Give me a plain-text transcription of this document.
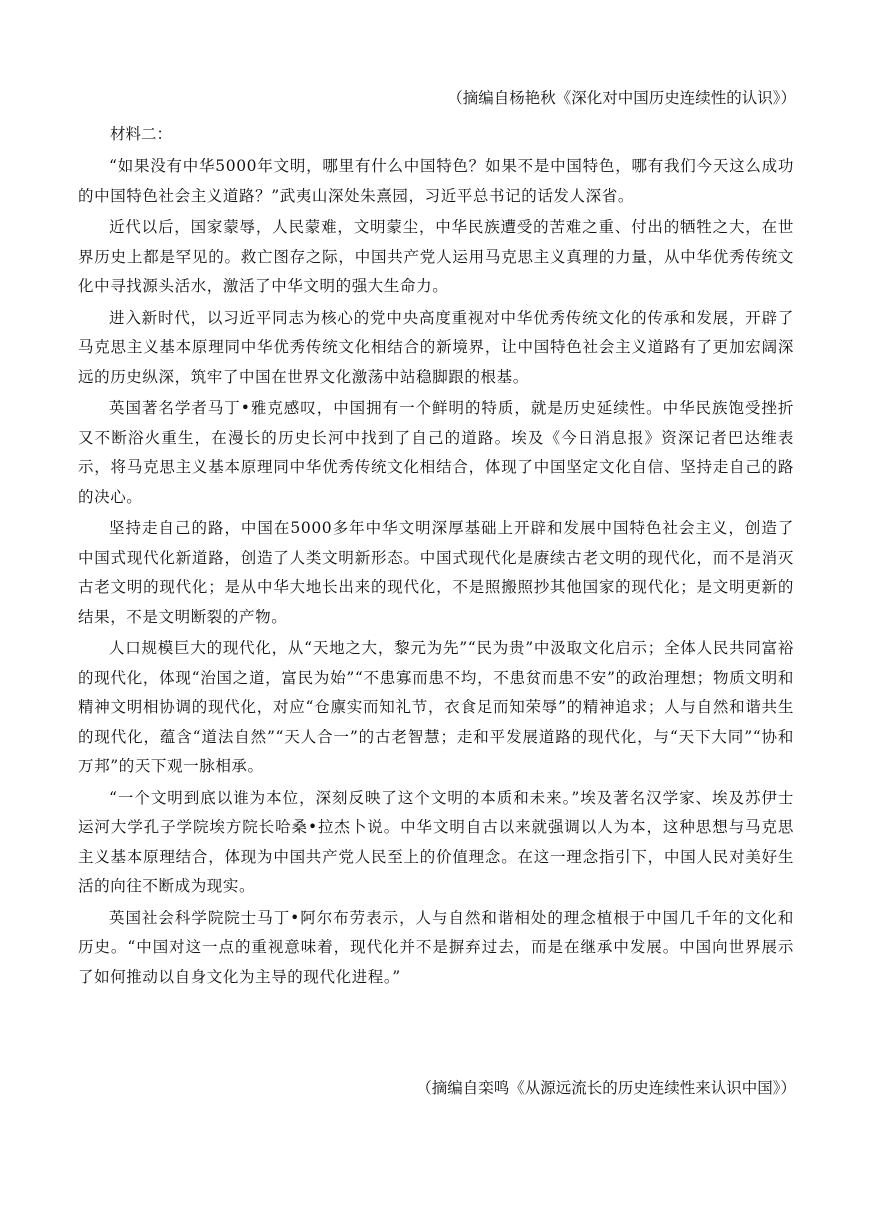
（摘编自杨艳秋《深化对中国历史连续性的认识》）
材料二：

“如果没有中华5000年文明，哪里有什么中国特色？如果不是中国特色，哪有我们今天这么成功的中国特色社会主义道路？”武夷山深处朱熹园，习近平总书记的话发人深省。

近代以后，国家蒙辱，人民蒙难，文明蒙尘，中华民族遭受的苦难之重、付出的牺牲之大，在世界历史上都是罕见的。救亡图存之际，中国共产党人运用马克思主义真理的力量，从中华优秀传统文化中寻找源头活水，激活了中华文明的强大生命力。

进入新时代，以习近平同志为核心的党中央高度重视对中华优秀传统文化的传承和发展，开辟了马克思主义基本原理同中华优秀传统文化相结合的新境界，让中国特色社会主义道路有了更加宏阔深远的历史纵深，筑牢了中国在世界文化激荡中站稳脚跟的根基。

英国著名学者马丁•雅克感叹，中国拥有一个鲜明的特质，就是历史延续性。中华民族饱受挫折又不断浴火重生，在漫长的历史长河中找到了自己的道路。埃及《今日消息报》资深记者巴达维表示，将马克思主义基本原理同中华优秀传统文化相结合，体现了中国坚定文化自信、坚持走自己的路的决心。

坚持走自己的路，中国在5000多年中华文明深厚基础上开辟和发展中国特色社会主义，创造了中国式现代化新道路，创造了人类文明新形态。中国式现代化是赓续古老文明的现代化，而不是消灭古老文明的现代化；是从中华大地长出来的现代化，不是照搬照抄其他国家的现代化；是文明更新的结果，不是文明断裂的产物。

人口规模巨大的现代化，从“天地之大，黎元为先”“民为贵”中汲取文化启示；全体人民共同富裕的现代化，体现“治国之道，富民为始”“不患寡而患不均，不患贫而患不安”的政治理想；物质文明和精神文明相协调的现代化，对应“仓廪实而知礼节，衣食足而知荣辱”的精神追求；人与自然和谐共生的现代化，蕴含“道法自然”“天人合一”的古老智慧；走和平发展道路的现代化，与“天下大同”“协和万邦”的天下观一脉相承。

“一个文明到底以谁为本位，深刻反映了这个文明的本质和未来。”埃及著名汉学家、埃及苏伊士运河大学孔子学院埃方院长哈桑•拉杰卜说。中华文明自古以来就强调以人为本，这种思想与马克思主义基本原理结合，体现为中国共产党人民至上的价值理念。在这一理念指引下，中国人民对美好生活的向往不断成为现实。

英国社会科学院院士马丁•阿尔布劳表示，人与自然和谐相处的理念植根于中国几千年的文化和历史。“中国对这一点的重视意味着，现代化并不是摒弃过去，而是在继承中发展。中国向世界展示了如何推动以自身文化为主导的现代化进程。”

（摘编自栾鸣《从源远流长的历史连续性来认识中国》）
